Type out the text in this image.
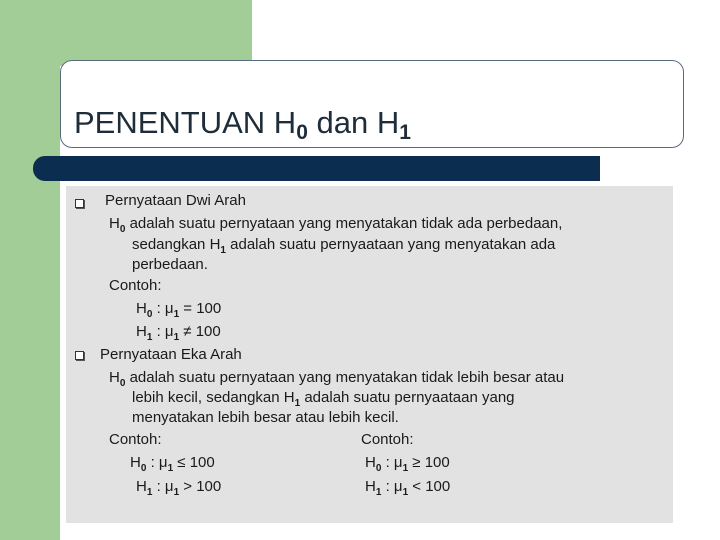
PENENTUAN $H_0$ dan $H_1$
Pernyataan Dwi Arah
$H_0$ adalah suatu pernyataan yang menyatakan tidak ada perbedaan,
sedangkan $H_1$ adalah suatu pernyaataan yang menyatakan ada
perbedaan.
Contoh:
$H_0$ : $\mu_1 = 100$
$H_1$ : $\mu_1 \ne 100$
Pernyataan Eka Arah
$H_0$ adalah suatu pernyataan yang menyatakan tidak lebih besar atau
lebih kecil, sedangkan $H_1$ adalah suatu pernyaataan yang
menyatakan lebih besar atau lebih kecil.
Contoh:	Contoh:
$H_0$ : $\mu_1 \le 100$
$H_1$ : $\mu_1 > 100$
$H_0$ : $\mu_1 \ge 100$
$H_1$ : $\mu_1 < 100$
